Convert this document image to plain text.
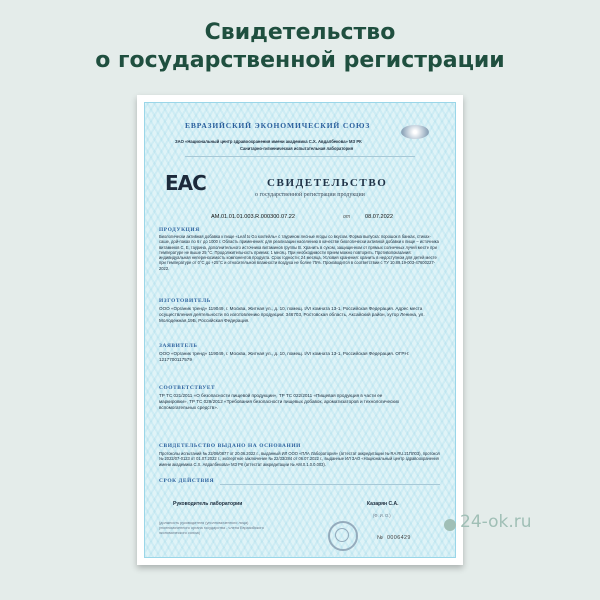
Свидетельство
о государственной регистрации
ЕВРАЗИЙСКИЙ ЭКОНОМИЧЕСКИЙ СОЮЗ
ЗАО «Национальный центр здравоохранения имени академика С.Х. Авдалбекова» МЗ РК
Санитарно-гигиеническая испытательная лаборатория
ЕАС	СВИДЕТЕЛЬСТВО
о государственной регистрации продукции
AM.01.01.01.003.R.000300.07.22	от	08.07.2022
ПРОДУКЦИЯ
Биологически активная добавка к пище «Leaf to Go коктейль» с таурином лесные ягоды со вкусом. Форма выпуска: порошок в банках, стиках-саше, дой-паках по 6 г до 1000 г. Область применения: для реализации населению в качестве биологически активной добавки к пище – источника витаминов С, Е, таурина, дополнительного источника витаминов группы В. Хранить в сухом, защищенном от прямых солнечных лучей месте при температуре не выше 25 °С. Продолжительность приема: 1 месяц. При необходимости прием можно повторить. Противопоказания: индивидуальная непереносимость компонентов продукта. Срок годности: 24 месяца. Условия хранения: хранить в недоступном для детей месте при температуре от 0°С до +25°С и относительной влажности воздуха не более 75%. Производится в соответствии с ТУ 10.89.19-003-47600227-2022.
ИЗГОТОВИТЕЛЬ
ООО «Органик тренд» 119049, г. Москва, Житная ул., д. 10, помещ. I/VI комната 13-1, Российская Федерация. Адрес места осуществления деятельности по изготовлению продукции: 346703, Ростовская область, Аксайский район, хутор Ленина, ул. Молодежная,19Б, Российская Федерация.
ЗАЯВИТЕЛЬ
ООО «Органик тренд» 119049, г. Москва, Житная ул., д. 10, помещ. I/VI комната 13-1, Российская Федерация. ОГРН: 1217700117579
СООТВЕТСТВУЕТ
ТР ТС 021/2011 «О безопасности пищевой продукции», ТР ТС 022/2011 «Пищевая продукция в части ее маркировки», ТР ТС 029/2012 «Требования безопасности пищевых добавок, ароматизаторов и технологических вспомогательных средств».
СВИДЕТЕЛЬСТВО ВЫДАНО НА ОСНОВАНИИ
Протоколы испытаний № 22/06/0877 от 20.06.2022 г., выданный ИЛ ООО «ПЛА Лаборатория» (аттестат аккредитации № RA.RU.21ПЛ03), протокол № 2022/07-0123 от 01.07.2022 г., экспертное заключение № 22/33/284 от 06.07.2022 г., выданные ИЛ ЗАО «Национальный центр здравоохранения имени академика С.Х. Авдалбекова» МЗ РК (аттестат аккредитации № AM.0.1.0.0.003).
СРОК ДЕЙСТВИЯ
Руководитель лаборатории	Казарян С.А.
(Ф. И. О.)
(должность руководителя (уполномоченного лица) уполномоченного органа государства - члена Евразийского экономического союза)
№ 0006429
24-ok.ru
